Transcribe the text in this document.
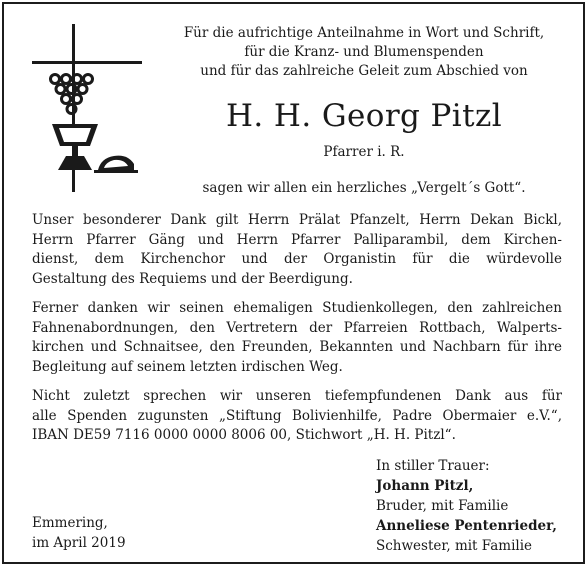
Für die aufrichtige Anteilnahme in Wort und Schrift,
für die Kranz- und Blumenspenden
und für das zahlreiche Geleit zum Abschied von
H. H. Georg Pitzl
Pfarrer i. R.
sagen wir allen ein herzliches „Vergelt´s Gott“.

Unser besonderer Dank gilt Herrn Prälat Pfanzelt, Herrn Dekan Bickl,
Herrn Pfarrer Gäng und Herrn Pfarrer Palliparambil, dem Kirchen-
dienst, dem Kirchenchor und der Organistin für die würdevolle
Gestaltung des Requiems und der Beerdigung.

Ferner danken wir seinen ehemaligen Studienkollegen, den zahlreichen
Fahnenabordnungen, den Vertretern der Pfarreien Rottbach, Walperts-
kirchen und Schnaitsee, den Freunden, Bekannten und Nachbarn für ihre
Begleitung auf seinem letzten irdischen Weg.

Nicht zuletzt sprechen wir unseren tiefempfundenen Dank aus für
alle Spenden zugunsten „Stiftung Bolivienhilfe, Padre Obermaier e.V.“,
IBAN DE59 7116 0000 0000 8006 00, Stichwort „H. H. Pitzl“.

Emmering,
im April 2019
In stiller Trauer:
Johann Pitzl,
Bruder, mit Familie
Anneliese Pentenrieder,
Schwester, mit Familie
